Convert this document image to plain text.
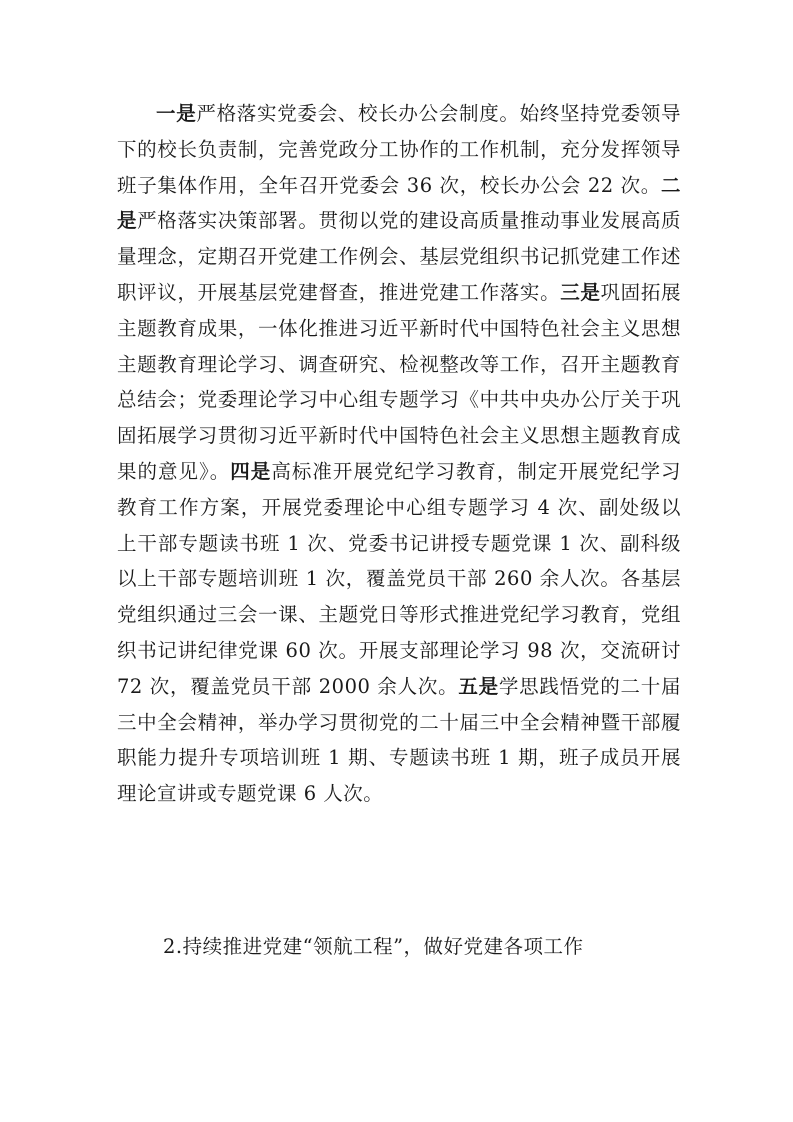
一是严格落实党委会、校长办公会制度。始终坚持党委领导下的校长负责制，完善党政分工协作的工作机制，充分发挥领导班子集体作用，全年召开党委会 36 次，校长办公会 22 次。二是严格落实决策部署。贯彻以党的建设高质量推动事业发展高质量理念，定期召开党建工作例会、基层党组织书记抓党建工作述职评议，开展基层党建督查，推进党建工作落实。三是巩固拓展主题教育成果，一体化推进习近平新时代中国特色社会主义思想主题教育理论学习、调查研究、检视整改等工作，召开主题教育总结会；党委理论学习中心组专题学习《中共中央办公厅关于巩固拓展学习贯彻习近平新时代中国特色社会主义思想主题教育成果的意见》。四是高标准开展党纪学习教育，制定开展党纪学习教育工作方案，开展党委理论中心组专题学习 4 次、副处级以上干部专题读书班 1 次、党委书记讲授专题党课 1 次、副科级以上干部专题培训班 1 次，覆盖党员干部 260 余人次。各基层党组织通过三会一课、主题党日等形式推进党纪学习教育，党组织书记讲纪律党课 60 次。开展支部理论学习 98 次，交流研讨 72 次，覆盖党员干部 2000 余人次。五是学思践悟党的二十届三中全会精神，举办学习贯彻党的二十届三中全会精神暨干部履职能力提升专项培训班 1 期、专题读书班 1 期，班子成员开展理论宣讲或专题党课 6 人次。

2.持续推进党建“领航工程”，做好党建各项工作
